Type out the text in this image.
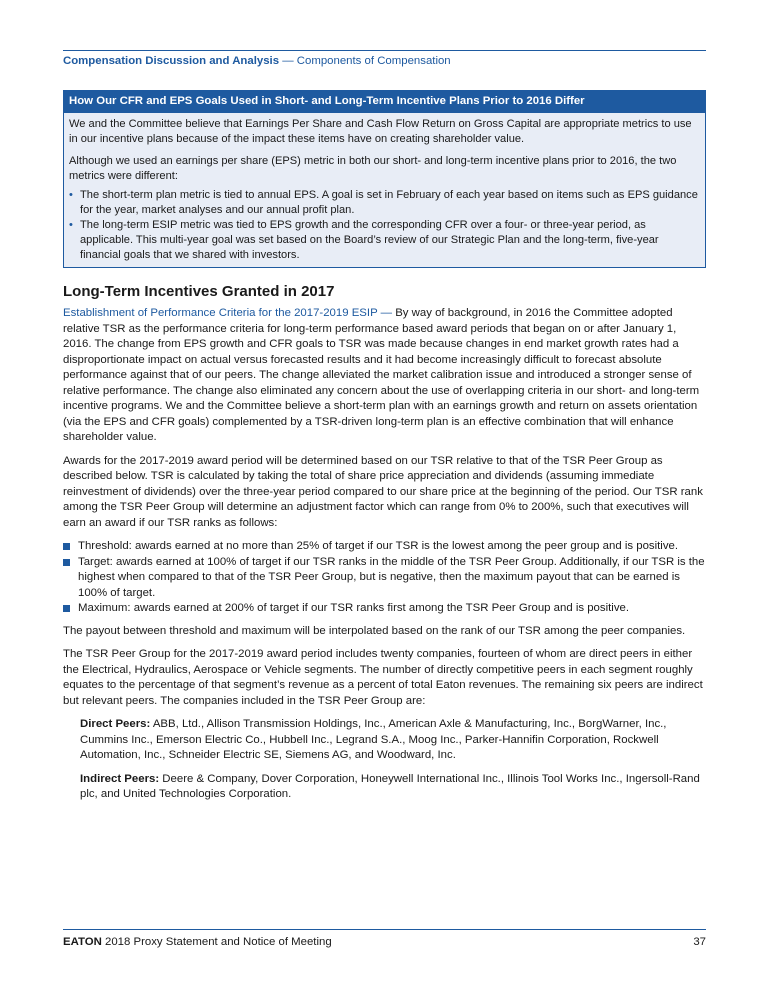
Compensation Discussion and Analysis — Components of Compensation
How Our CFR and EPS Goals Used in Short- and Long-Term Incentive Plans Prior to 2016 Differ

We and the Committee believe that Earnings Per Share and Cash Flow Return on Gross Capital are appropriate metrics to use in our incentive plans because of the impact these items have on creating shareholder value.

Although we used an earnings per share (EPS) metric in both our short- and long-term incentive plans prior to 2016, the two metrics were different:

• The short-term plan metric is tied to annual EPS. A goal is set in February of each year based on items such as EPS guidance for the year, market analyses and our annual profit plan.
• The long-term ESIP metric was tied to EPS growth and the corresponding CFR over a four- or three-year period, as applicable. This multi-year goal was set based on the Board’s review of our Strategic Plan and the long-term, five-year financial goals that we shared with investors.
Long-Term Incentives Granted in 2017

Establishment of Performance Criteria for the 2017-2019 ESIP — By way of background, in 2016 the Committee adopted relative TSR as the performance criteria for long-term performance based award periods that began on or after January 1, 2016. The change from EPS growth and CFR goals to TSR was made because changes in end market growth rates had a disproportionate impact on actual versus forecasted results and it had become increasingly difficult to forecast absolute performance against that of our peers. The change alleviated the market calibration issue and introduced a stronger sense of relative performance. The change also eliminated any concern about the use of overlapping criteria in our short- and long-term incentive programs. We and the Committee believe a short-term plan with an earnings growth and return on assets orientation (via the EPS and CFR goals) complemented by a TSR-driven long-term plan is an effective combination that will enhance shareholder value.

Awards for the 2017-2019 award period will be determined based on our TSR relative to that of the TSR Peer Group as described below. TSR is calculated by taking the total of share price appreciation and dividends (assuming immediate reinvestment of dividends) over the three-year period compared to our share price at the beginning of the period. Our TSR rank among the TSR Peer Group will determine an adjustment factor which can range from 0% to 200%, such that executives will earn an award if our TSR ranks as follows:

Threshold: awards earned at no more than 25% of target if our TSR is the lowest among the peer group and is positive.
Target: awards earned at 100% of target if our TSR ranks in the middle of the TSR Peer Group. Additionally, if our TSR is the highest when compared to that of the TSR Peer Group, but is negative, then the maximum payout that can be earned is 100% of target.
Maximum: awards earned at 200% of target if our TSR ranks first among the TSR Peer Group and is positive.

The payout between threshold and maximum will be interpolated based on the rank of our TSR among the peer companies.

The TSR Peer Group for the 2017-2019 award period includes twenty companies, fourteen of whom are direct peers in either the Electrical, Hydraulics, Aerospace or Vehicle segments. The number of directly competitive peers in each segment roughly equates to the percentage of that segment’s revenue as a percent of total Eaton revenues. The remaining six peers are indirect but relevant peers. The companies included in the TSR Peer Group are:

Direct Peers: ABB, Ltd., Allison Transmission Holdings, Inc., American Axle & Manufacturing, Inc., BorgWarner, Inc., Cummins Inc., Emerson Electric Co., Hubbell Inc., Legrand S.A., Moog Inc., Parker-Hannifin Corporation, Rockwell Automation, Inc., Schneider Electric SE, Siemens AG, and Woodward, Inc.

Indirect Peers: Deere & Company, Dover Corporation, Honeywell International Inc., Illinois Tool Works Inc., Ingersoll-Rand plc, and United Technologies Corporation.

EATON 2018 Proxy Statement and Notice of Meeting	37
